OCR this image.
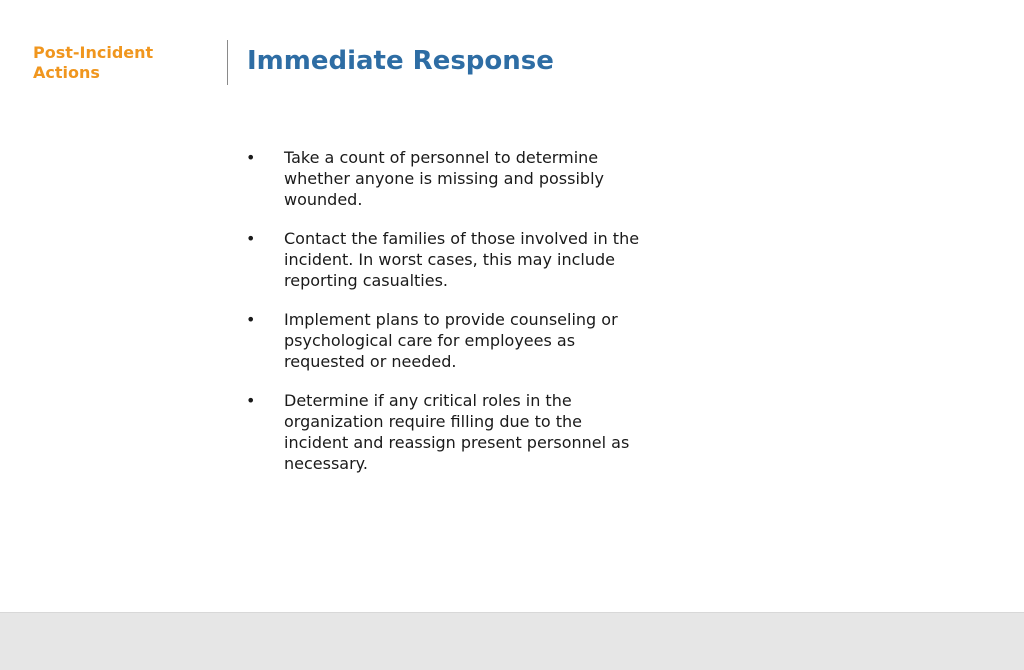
Post-Incident Actions	Immediate Response
•	Take a count of personnel to determine whether anyone is missing and possibly wounded.
•	Contact the families of those involved in the incident. In worst cases, this may include reporting casualties.
•	Implement plans to provide counseling or psychological care for employees as requested or needed.
•	Determine if any critical roles in the organization require filling due to the incident and reassign present personnel as necessary.
